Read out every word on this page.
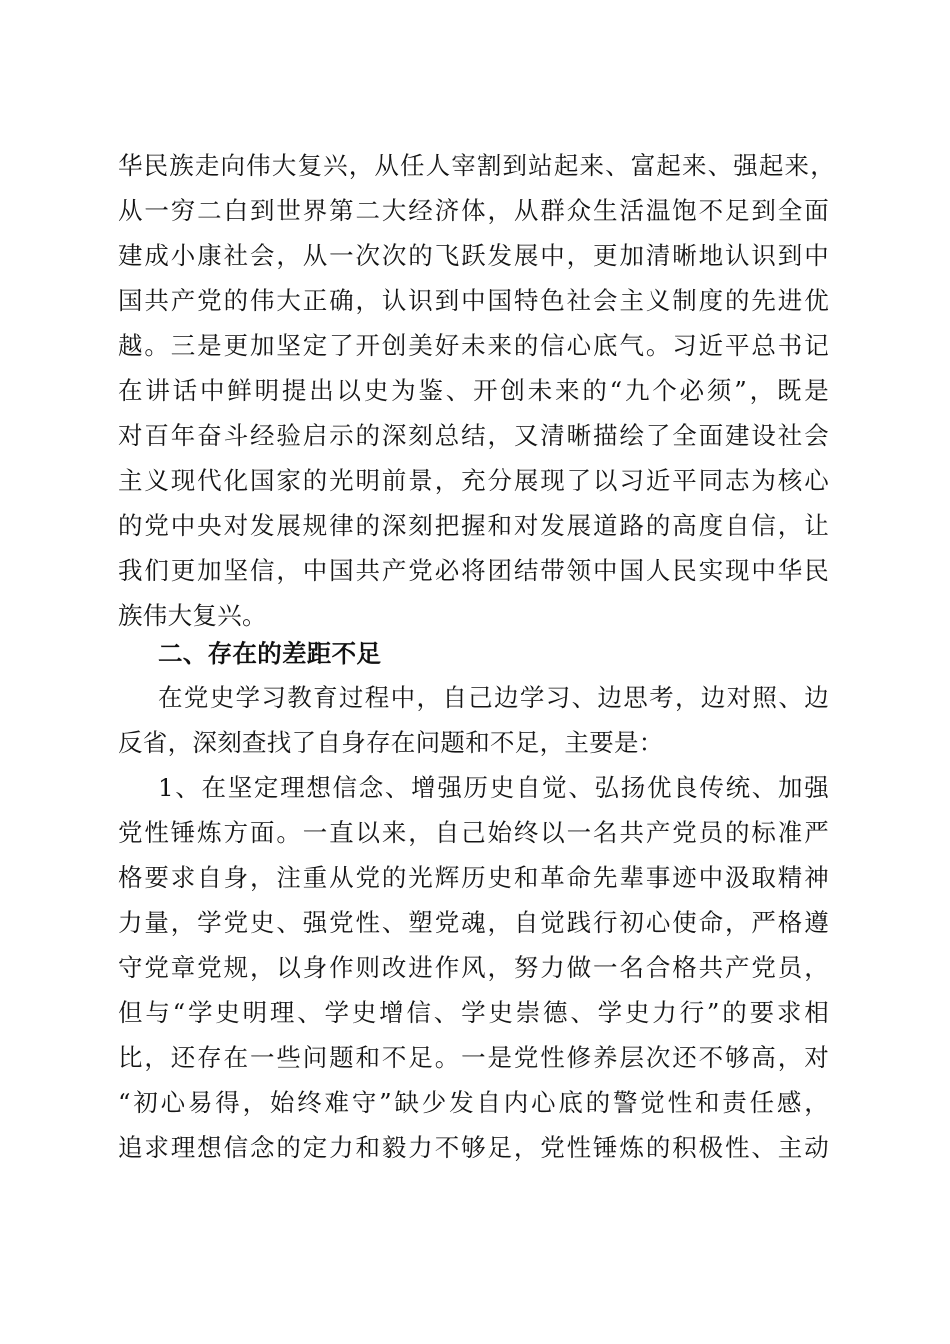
华民族走向伟大复兴，从任人宰割到站起来、富起来、强起来，
从一穷二白到世界第二大经济体，从群众生活温饱不足到全面
建成小康社会，从一次次的飞跃发展中，更加清晰地认识到中
国共产党的伟大正确，认识到中国特色社会主义制度的先进优
越。三是更加坚定了开创美好未来的信心底气。习近平总书记
在讲话中鲜明提出以史为鉴、开创未来的“九个必须”，既是
对百年奋斗经验启示的深刻总结，又清晰描绘了全面建设社会
主义现代化国家的光明前景，充分展现了以习近平同志为核心
的党中央对发展规律的深刻把握和对发展道路的高度自信，让
我们更加坚信，中国共产党必将团结带领中国人民实现中华民
族伟大复兴。
二、存在的差距不足
在党史学习教育过程中，自己边学习、边思考，边对照、边
反省，深刻查找了自身存在问题和不足，主要是：
1、在坚定理想信念、增强历史自觉、弘扬优良传统、加强
党性锤炼方面。一直以来，自己始终以一名共产党员的标准严
格要求自身，注重从党的光辉历史和革命先辈事迹中汲取精神
力量，学党史、强党性、塑党魂，自觉践行初心使命，严格遵
守党章党规，以身作则改进作风，努力做一名合格共产党员，
但与“学史明理、学史增信、学史崇德、学史力行”的要求相
比，还存在一些问题和不足。一是党性修养层次还不够高，对
“初心易得，始终难守”缺少发自内心底的警觉性和责任感，
追求理想信念的定力和毅力不够足，党性锤炼的积极性、主动
